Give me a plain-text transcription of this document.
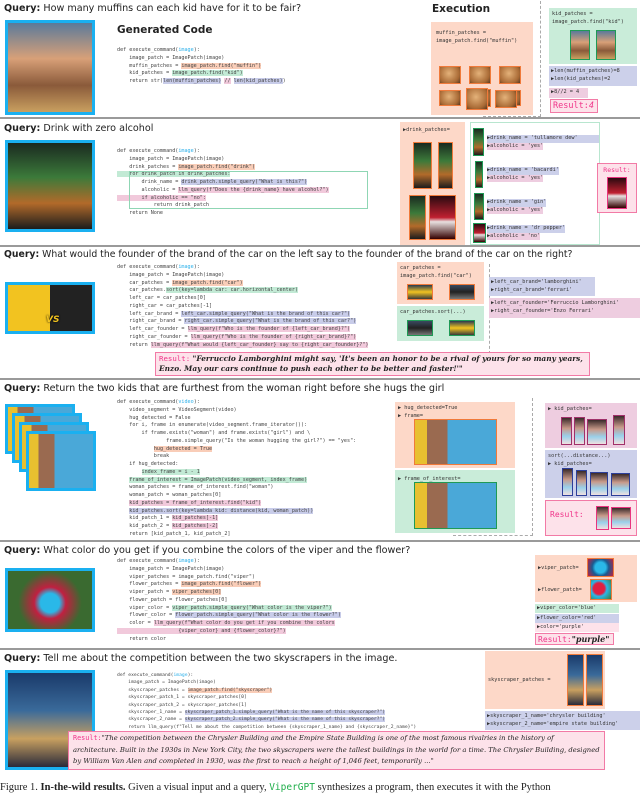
Query: How many muffins can each kid have for it to be fair?
Generated Code
def execute_command(image):
image_patch = ImagePatch(image)
muffin_patches = image_patch.find("muffin")
kid_patches = image_patch.find("kid")
return str(len(muffin_patches) // len(kid_patches))
Execution
muffin_patches =
image_patch.find("muffin")
kid_patches =
image_patch.find("kid")
▶len(muffin_patches)=8
▶len(kid_patches)=2
▶8//2 = 4
Result:4
Query: Drink with zero alcohol
def execute_command(image):
image_patch = ImagePatch(image)
drink_patches = image_patch.find("drink")
for drink_patch in drink_patches:
drink_name = drink_patch.simple_query("What is this?")
alcoholic = llm_query(f"Does the {drink_name} have alcohol?")
if alcoholic == "no":
return drink_patch
return None
▶drink_patches=
▶drink_name = 'tullamore dew'
▶alcoholic = 'yes'
▶drink_name = 'bacardi'
▶alcoholic = 'yes'
▶drink_name = 'gin'
▶alcoholic = 'yes'
▶drink_name = 'dr pepper'
▶alcoholic = 'no'
Result:
Query: What would the founder of the brand of the car on the left say to the founder of the brand of the car on the right?
VS
def execute_command(image):
image_patch = ImagePatch(image)
car_patches = image_patch.find("car")
car_patches.sort(key=lambda car: car.horizontal_center)
left_car = car_patches[0]
right_car = car_patches[-1]
left_car_brand = left_car.simple_query("What is the brand of this car?")
right_car_brand = right_car.simple_query("What is the brand of this car?")
left_car_founder = llm_query(f"Who is the founder of {left_car_brand}?")
right_car_founder = llm_query(f"Who is the founder of {right_car_brand}?")
return llm_query(f"What would {left_car_founder} say to {right_car_founder}?")
car_patches =
image_patch.find("car")
car_patches.sort(...)
▶left_car_brand='lamborghini'
▶right_car_brand='ferrari'
▶left_car_founder='Ferruccio Lamborghini'
▶right_car_founder='Enzo Ferrari'
Result: "Ferruccio Lamborghini might say, 'It's been an honor to be a rival of yours for so many years, Enzo. May our cars continue to push each other to be better and faster!'"
Query: Return the two kids that are furthest from the woman right before she hugs the girl
def execute_command(video):
video_segment = VideoSegment(video)
hug_detected = False
for i, frame in enumerate(video_segment.frame_iterator()):
if frame.exists("woman") and frame.exists("girl") and \
frame.simple_query("Is the woman hugging the girl?") == "yes":
hug_detected = True
break
if hug_detected:
index_frame = i - 1
frame_of_interest = ImagePatch(video_segment, index_frame)
woman_patches = frame_of_interest.find("woman")
woman_patch = woman_patches[0]
kid_patches = frame_of_interest.find("kid")
kid_patches.sort(key=lambda kid: distance(kid, woman_patch))
kid_patch_1 = kid_patches[-1]
kid_patch_2 = kid_patches[-2]
return [kid_patch_1, kid_patch_2]
▶ hug_detected=True
▶ frame=
▶ frame_of_interest=
▶ kid_patches=
sort(...distance...)
▶ kid_patches=
Result:
Query: What color do you get if you combine the colors of the viper and the flower?
def execute_command(image):
image_patch = ImagePatch(image)
viper_patches = image_patch.find("viper")
flower_patches = image_patch.find("flower")
viper_patch = viper_patches[0]
flower_patch = flower_patches[0]
viper_color = viper_patch.simple_query("What color is the viper?")
flower_color = flower_patch.simple_query("What color is the flower?")
color = llm_query(f"What color do you get if you combine the colors
{viper_color} and {flower_color}?")
return color
▶viper_patch=
▶flower_patch=
▶viper_color='blue'
▶flower_color='red'
▶color='purple'
Result:"purple"
Query: Tell me about the competition between the two skyscrapers in the image.
def execute_command(image):
image_patch = ImagePatch(image)
skyscraper_patches = image_patch.find("skyscraper")
skyscraper_patch_1 = skyscraper_patches[0]
skyscraper_patch_2 = skyscraper_patches[1]
skyscraper_1_name = skyscraper_patch_1.simple_query("What is the name of this skyscraper?")
skyscraper_2_name = skyscraper_patch_2.simple_query("What is the name of this skyscraper?")
return llm_query(f"Tell me about the competition between {skyscraper_1_name} and {skyscraper_2_name}")
skyscraper_patches =
▶skyscraper_1_name='chrysler building'
▶skyscraper_2_name='empire state building'
Result:"The competition between the Chrysler Building and the Empire State Building is one of the most famous rivalries in the history of architecture. Built in the 1930s in New York City, the two skyscrapers were the tallest buildings in the world for a time. The Chrysler Building, designed by William Van Alen and completed in 1930, was the first to reach a height of 1,046 feet, temporarily ..."
Figure 1. In-the-wild results. Given a visual input and a query, ViperGPT synthesizes a program, then executes it with the Python
